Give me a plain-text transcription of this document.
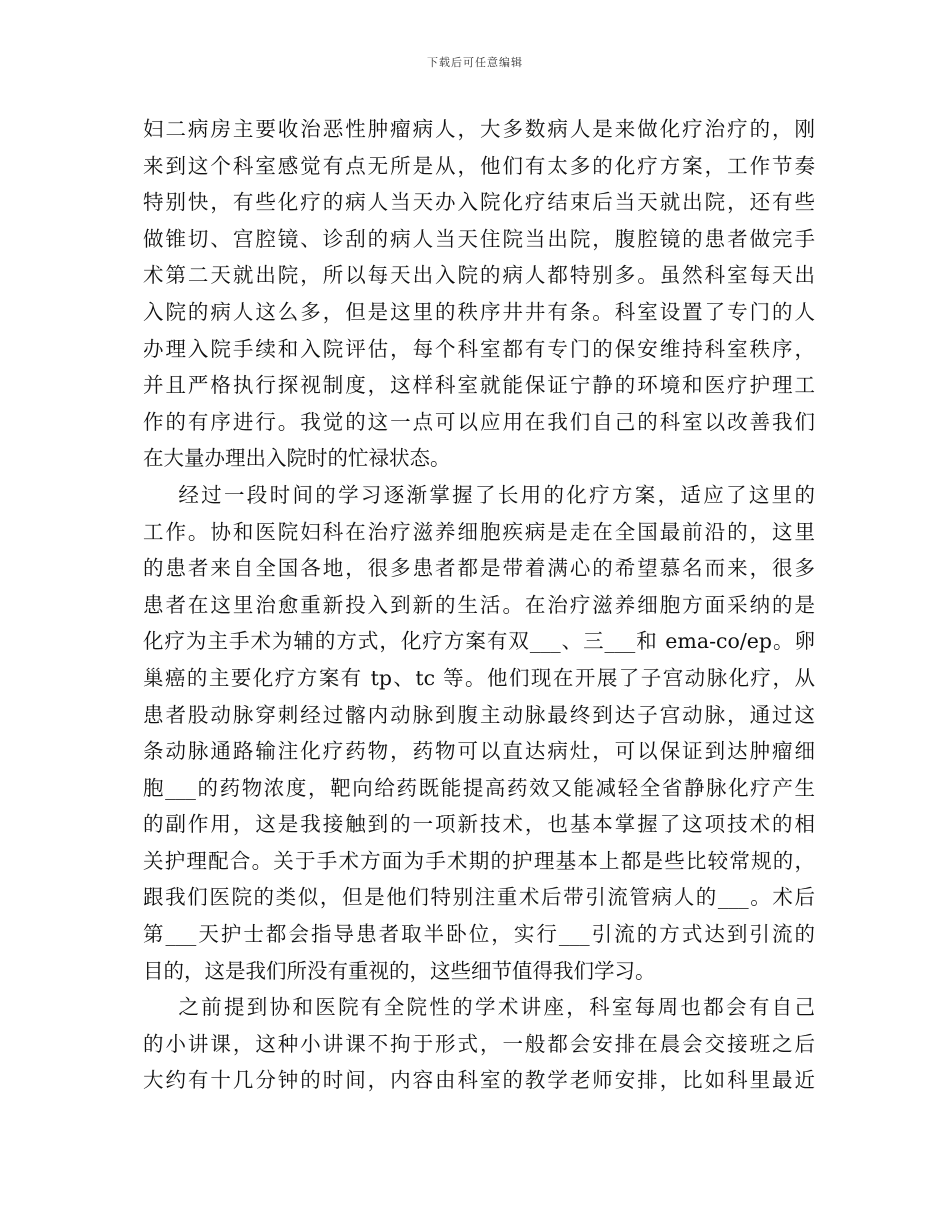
下载后可任意编辑
妇二病房主要收治恶性肿瘤病人，大多数病人是来做化疗治疗的，刚
来到这个科室感觉有点无所是从，他们有太多的化疗方案，工作节奏
特别快，有些化疗的病人当天办入院化疗结束后当天就出院，还有些
做锥切、宫腔镜、诊刮的病人当天住院当出院，腹腔镜的患者做完手
术第二天就出院，所以每天出入院的病人都特别多。虽然科室每天出
入院的病人这么多，但是这里的秩序井井有条。科室设置了专门的人
办理入院手续和入院评估，每个科室都有专门的保安维持科室秩序，
并且严格执行探视制度，这样科室就能保证宁静的环境和医疗护理工
作的有序进行。我觉的这一点可以应用在我们自己的科室以改善我们
在大量办理出入院时的忙禄状态。
经过一段时间的学习逐渐掌握了长用的化疗方案，适应了这里的
工作。协和医院妇科在治疗滋养细胞疾病是走在全国最前沿的，这里
的患者来自全国各地，很多患者都是带着满心的希望慕名而来，很多
患者在这里治愈重新投入到新的生活。在治疗滋养细胞方面采纳的是
化疗为主手术为辅的方式，化疗方案有双___、三___和 ema-co/ep。卵
巢癌的主要化疗方案有 tp、tc 等。他们现在开展了子宫动脉化疗，从
患者股动脉穿刺经过髂内动脉到腹主动脉最终到达子宫动脉，通过这
条动脉通路输注化疗药物，药物可以直达病灶，可以保证到达肿瘤细
胞___的药物浓度，靶向给药既能提高药效又能减轻全省静脉化疗产生
的副作用，这是我接触到的一项新技术，也基本掌握了这项技术的相
关护理配合。关于手术方面为手术期的护理基本上都是些比较常规的，
跟我们医院的类似，但是他们特别注重术后带引流管病人的___。术后
第___天护士都会指导患者取半卧位，实行___引流的方式达到引流的
目的，这是我们所没有重视的，这些细节值得我们学习。
之前提到协和医院有全院性的学术讲座，科室每周也都会有自己
的小讲课，这种小讲课不拘于形式，一般都会安排在晨会交接班之后
大约有十几分钟的时间，内容由科室的教学老师安排，比如科里最近
